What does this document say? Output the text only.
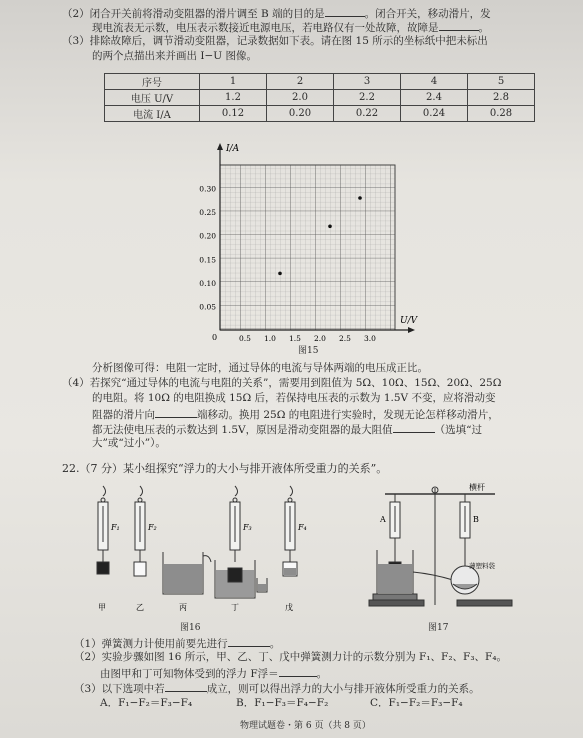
（2）闭合开关前将滑动变阻器的滑片调至 B 端的目的是	。闭合开关，移动滑片，发
现电流表无示数，电压表示数接近电源电压，若电路仅有一处故障，故障是	。
（3）排除故障后，调节滑动变阻器，记录数据如下表。请在图 15 所示的坐标纸中把未标出
的两个点描出来并画出 I−U 图像。
序号	1	2	3	4	5
电压 U/V	1.2	2.0	2.2	2.4	2.8
电流 I/A	0.12	0.20	0.22	0.24	0.28
I/A
U/V
0
0.05
0.10
0.15
0.20
0.25
0.30
0.5 1.0 1.5 2.0 2.5 3.0
图15
分析图像可得：电阻一定时，通过导体的电流与导体两端的电压成正比。
（4）若探究“通过导体的电流与电阻的关系”，需要用到阻值为 5Ω、10Ω、15Ω、20Ω、25Ω
的电阻。将 10Ω 的电阻换成 15Ω 后，若保持电压表的示数为 1.5V 不变，应将滑动变
阻器的滑片向	端移动。换用 25Ω 的电阻进行实验时，发现无论怎样移动滑片，
都无法使电压表的示数达到 1.5V，原因是滑动变阻器的最大阻值	（选填“过
大”或“过小”）。
22.（7 分）某小组探究“浮力的大小与排开液体所受重力的关系”。
F₁	F₂	F₃	F₄
甲	乙	丙	丁	戊
图16
横杆
A	B
薄塑料袋
图17
（1）弹簧测力计使用前要先进行	。
（2）实验步骤如图 16 所示，甲、乙、丁、戊中弹簧测力计的示数分别为 F₁、F₂、F₃、F₄。
由图甲和丁可知物体受到的浮力 F浮＝	。
（3）以下选项中若	成立，则可以得出浮力的大小与排开液体所受重力的关系。
A．F₁−F₂＝F₃−F₄	B．F₁−F₃＝F₄−F₂	C．F₁−F₂＝F₃−F₄
物理试题卷・第 6 页（共 8 页）
